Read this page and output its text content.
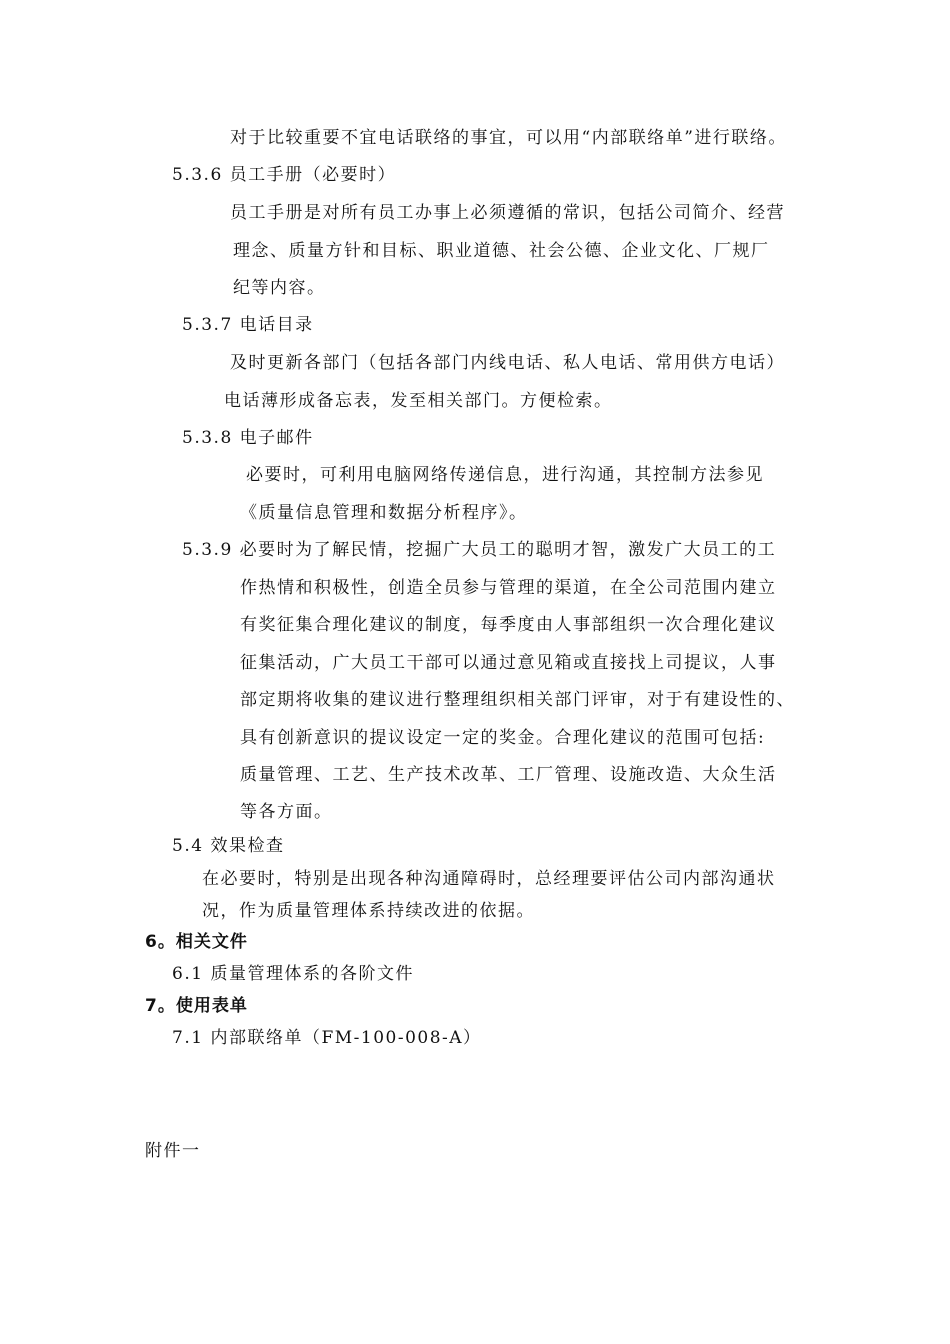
对于比较重要不宜电话联络的事宜，可以用“内部联络单”进行联络。
5.3.6 员工手册（必要时）
员工手册是对所有员工办事上必须遵循的常识，包括公司简介、经营
理念、质量方针和目标、职业道德、社会公德、企业文化、厂规厂
纪等内容。
5.3.7 电话目录
及时更新各部门（包括各部门内线电话、私人电话、常用供方电话）
电话薄形成备忘表，发至相关部门。方便检索。
5.3.8 电子邮件
必要时，可利用电脑网络传递信息，进行沟通，其控制方法参见
《质量信息管理和数据分析程序》。
5.3.9 必要时为了解民情，挖掘广大员工的聪明才智，激发广大员工的工
作热情和积极性，创造全员参与管理的渠道，在全公司范围内建立
有奖征集合理化建议的制度，每季度由人事部组织一次合理化建议
征集活动，广大员工干部可以通过意见箱或直接找上司提议，人事
部定期将收集的建议进行整理组织相关部门评审，对于有建设性的、
具有创新意识的提议设定一定的奖金。合理化建议的范围可包括:
质量管理、工艺、生产技术改革、工厂管理、设施改造、大众生活
等各方面。
5.4 效果检查
在必要时，特别是出现各种沟通障碍时，总经理要评估公司内部沟通状
况，作为质量管理体系持续改进的依据。
6。相关文件
6.1 质量管理体系的各阶文件
7。使用表单
7.1 内部联络单（FM-100-008-A）
附件一
